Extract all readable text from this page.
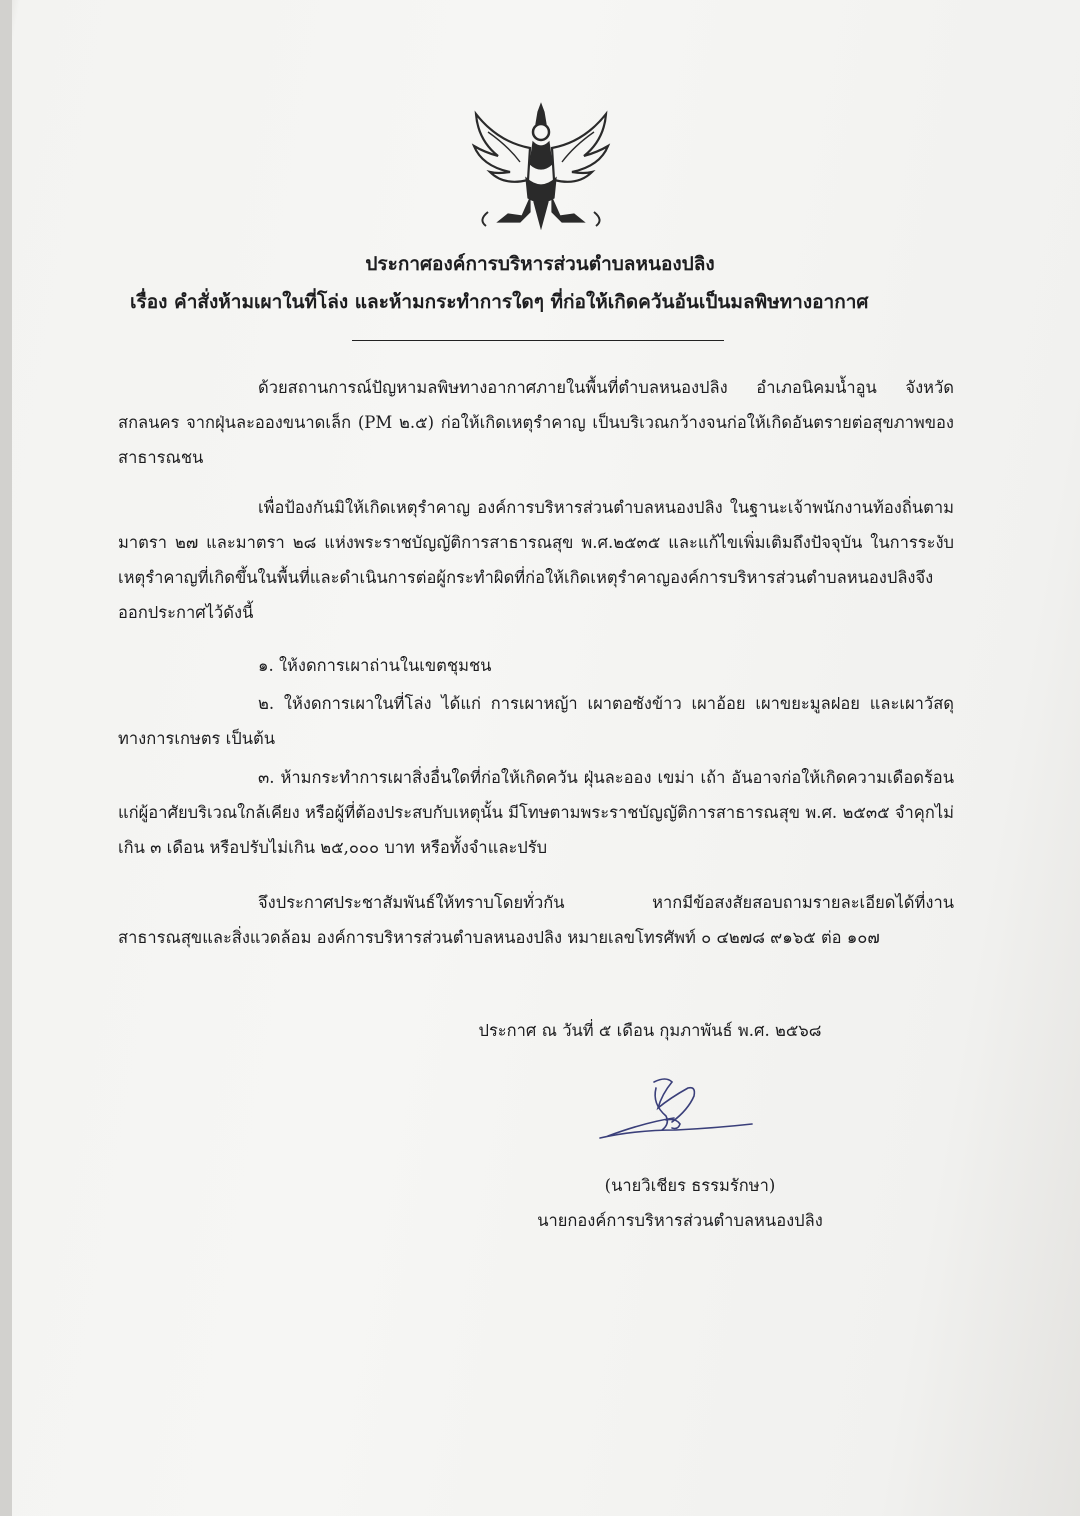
ประกาศองค์การบริหารส่วนตำบลหนองปลิง
เรื่อง คำสั่งห้ามเผาในที่โล่ง และห้ามกระทำการใดๆ ที่ก่อให้เกิดควันอันเป็นมลพิษทางอากาศ
ด้วยสถานการณ์ปัญหามลพิษทางอากาศภายในพื้นที่ตำบลหนองปลิง อำเภอนิคมน้ำอูน จังหวัดสกลนคร จากฝุ่นละอองขนาดเล็ก (PM ๒.๕) ก่อให้เกิดเหตุรำคาญ เป็นบริเวณกว้างจนก่อให้เกิดอันตรายต่อสุขภาพของสาธารณชน
เพื่อป้องกันมิให้เกิดเหตุรำคาญ องค์การบริหารส่วนตำบลหนองปลิง ในฐานะเจ้าพนักงานท้องถิ่นตามมาตรา ๒๗ และมาตรา ๒๘ แห่งพระราชบัญญัติการสาธารณสุข พ.ศ.๒๕๓๕ และแก้ไขเพิ่มเติมถึงปัจจุบัน ในการระงับเหตุรำคาญที่เกิดขึ้นในพื้นที่และดำเนินการต่อผู้กระทำผิดที่ก่อให้เกิดเหตุรำคาญองค์การบริหารส่วนตำบลหนองปลิงจึงออกประกาศไว้ดังนี้
๑. ให้งดการเผาถ่านในเขตชุมชน
๒. ให้งดการเผาในที่โล่ง ได้แก่ การเผาหญ้า เผาตอซังข้าว เผาอ้อย เผาขยะมูลฝอย และเผาวัสดุทางการเกษตร เป็นต้น
๓. ห้ามกระทำการเผาสิ่งอื่นใดที่ก่อให้เกิดควัน ฝุ่นละออง เขม่า เถ้า อันอาจก่อให้เกิดความเดือดร้อนแก่ผู้อาศัยบริเวณใกล้เคียง หรือผู้ที่ต้องประสบกับเหตุนั้น มีโทษตามพระราชบัญญัติการสาธารณสุข พ.ศ. ๒๕๓๕ จำคุกไม่เกิน ๓ เดือน หรือปรับไม่เกิน ๒๕,๐๐๐ บาท หรือทั้งจำและปรับ
จึงประกาศประชาสัมพันธ์ให้ทราบโดยทั่วกัน หากมีข้อสงสัยสอบถามรายละเอียดได้ที่งานสาธารณสุขและสิ่งแวดล้อม องค์การบริหารส่วนตำบลหนองปลิง หมายเลขโทรศัพท์ ๐ ๔๒๗๘ ๙๑๖๕ ต่อ ๑๐๗
ประกาศ ณ วันที่ ๕ เดือน กุมภาพันธ์ พ.ศ. ๒๕๖๘
(นายวิเชียร ธรรมรักษา)
นายกองค์การบริหารส่วนตำบลหนองปลิง
